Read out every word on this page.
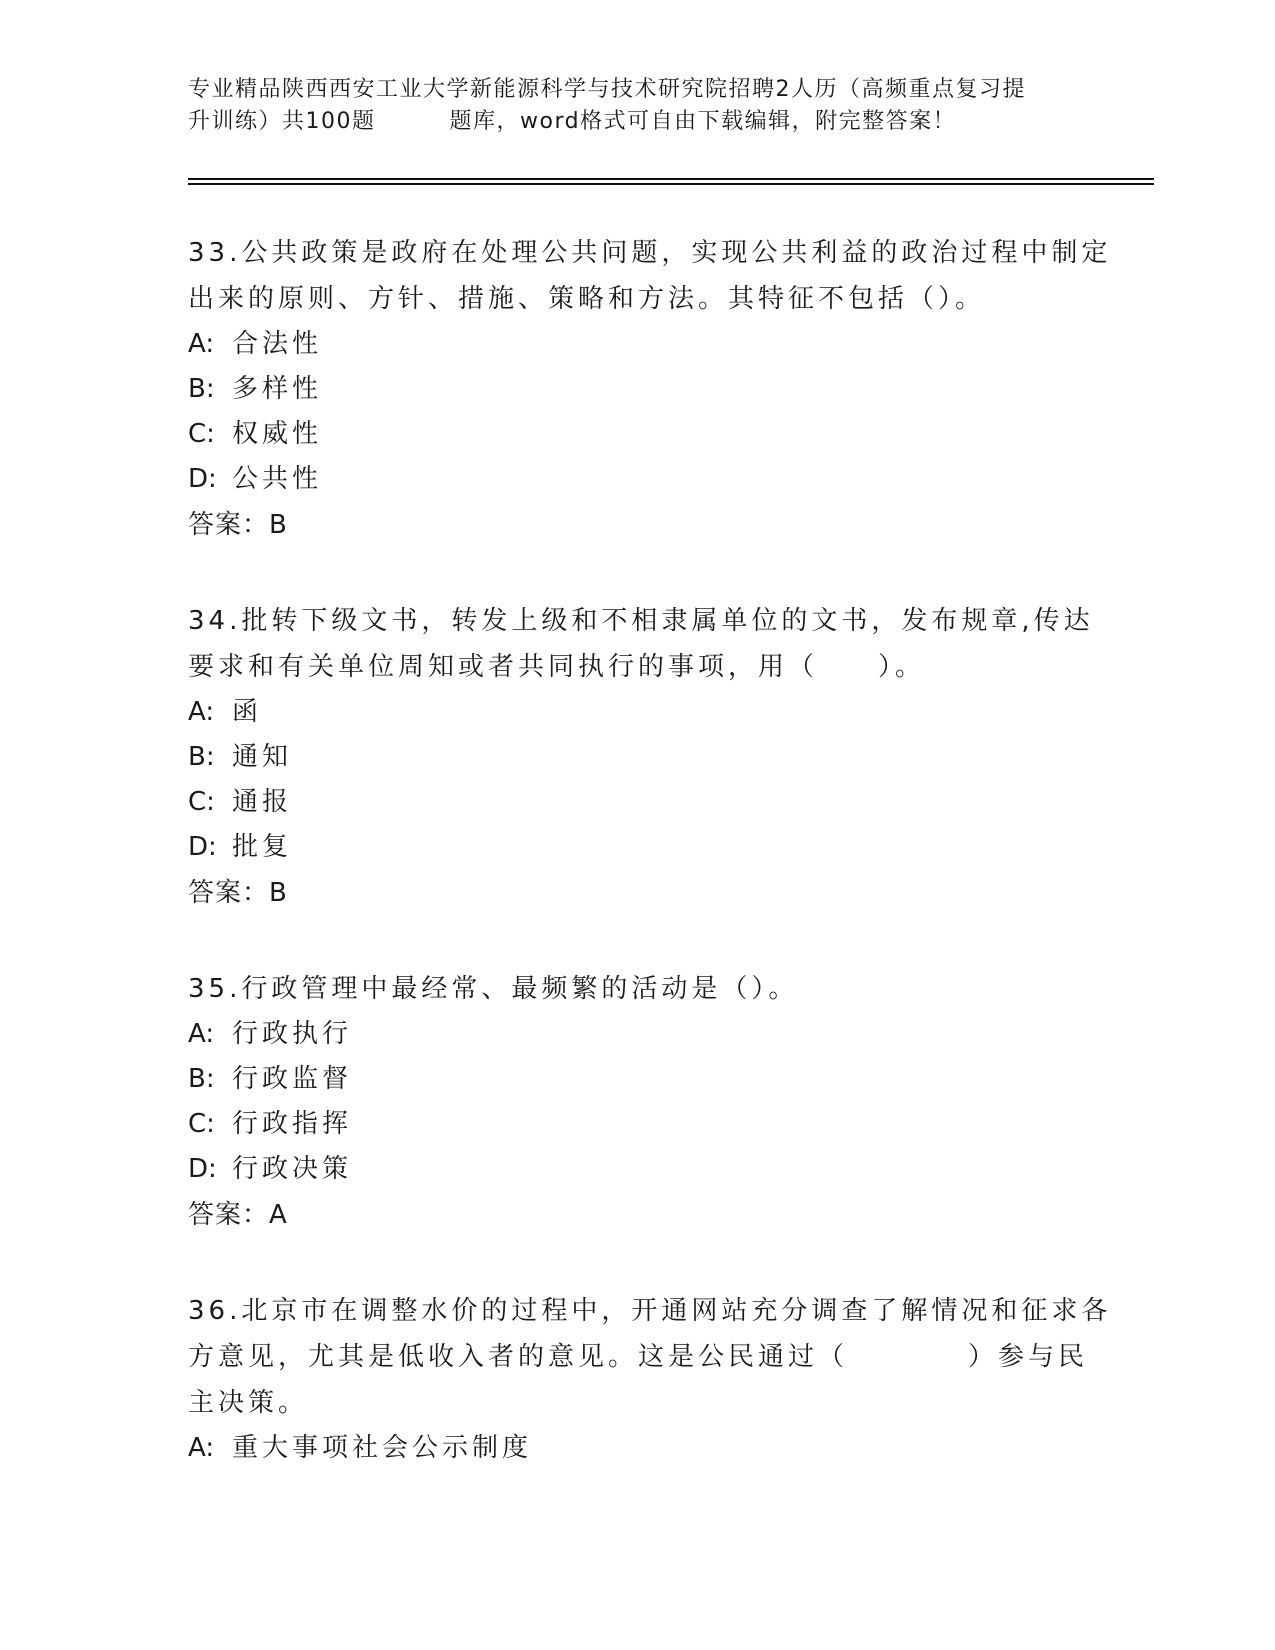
专业精品陕西西安工业大学新能源科学与技术研究院招聘2人历（高频重点复习提
升训练）共100题	题库，word格式可自由下载编辑，附完整答案！
33.公共政策是政府在处理公共问题，实现公共利益的政治过程中制定
出来的原则、方针、措施、策略和方法。其特征不包括（）。
A: 合法性
B: 多样性
C: 权威性
D: 公共性
答案：B
34.批转下级文书，转发上级和不相隶属单位的文书，发布规章,传达
要求和有关单位周知或者共同执行的事项，用（　　）。
A: 函
B: 通知
C: 通报
D: 批复
答案：B
35.行政管理中最经常、最频繁的活动是（）。
A: 行政执行
B: 行政监督
C: 行政指挥
D: 行政决策
答案：A
36.北京市在调整水价的过程中，开通网站充分调查了解情况和征求各
方意见，尤其是低收入者的意见。这是公民通过（　　　　）参与民
主决策。
A: 重大事项社会公示制度
